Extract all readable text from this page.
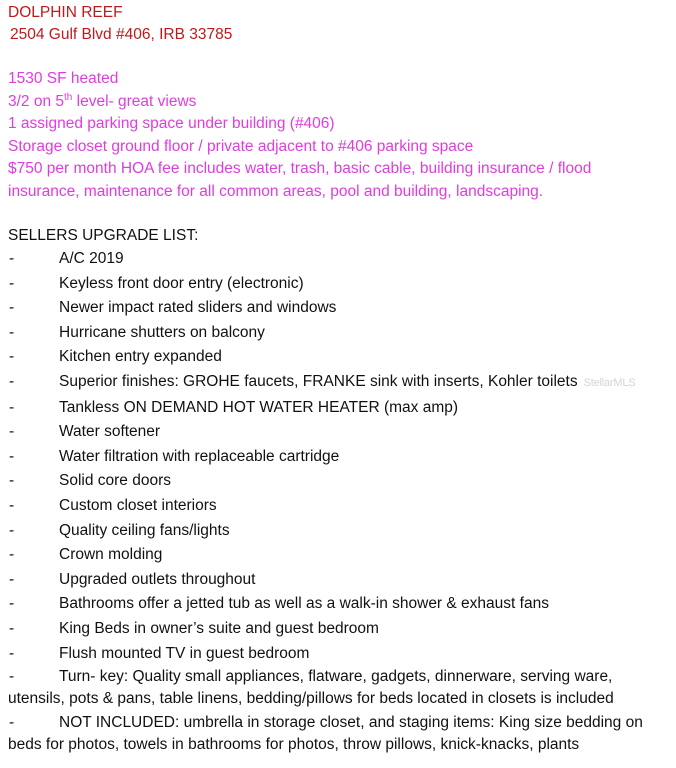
DOLPHIN REEF

2504 Gulf Blvd #406, IRB 33785

1530 SF heated
3/2 on 5th level- great views
1 assigned parking space under building (#406)
Storage closet ground floor / private adjacent to #406 parking space
$750 per month HOA fee includes water, trash, basic cable, building insurance / flood insurance, maintenance for all common areas, pool and building, landscaping.

SELLERS UPGRADE LIST:

-	A/C 2019
-	Keyless front door entry (electronic)
-	Newer impact rated sliders and windows
-	Hurricane shutters on balcony
-	Kitchen entry expanded
-	Superior finishes: GROHE faucets, FRANKE sink with inserts, Kohler toilets StellarMLS
-	Tankless ON DEMAND HOT WATER HEATER (max amp)
-	Water softener
-	Water filtration with replaceable cartridge
-	Solid core doors
-	Custom closet interiors
-	Quality ceiling fans/lights
-	Crown molding
-	Upgraded outlets throughout
-	Bathrooms offer a jetted tub as well as a walk-in shower & exhaust fans
-	King Beds in owner’s suite and guest bedroom
-	Flush mounted TV in guest bedroom
-	Turn- key: Quality small appliances, flatware, gadgets, dinnerware, serving ware, utensils, pots & pans, table linens, bedding/pillows for beds located in closets is included
-	NOT INCLUDED: umbrella in storage closet, and staging items: King size bedding on beds for photos, towels in bathrooms for photos, throw pillows, knick-knacks, plants
